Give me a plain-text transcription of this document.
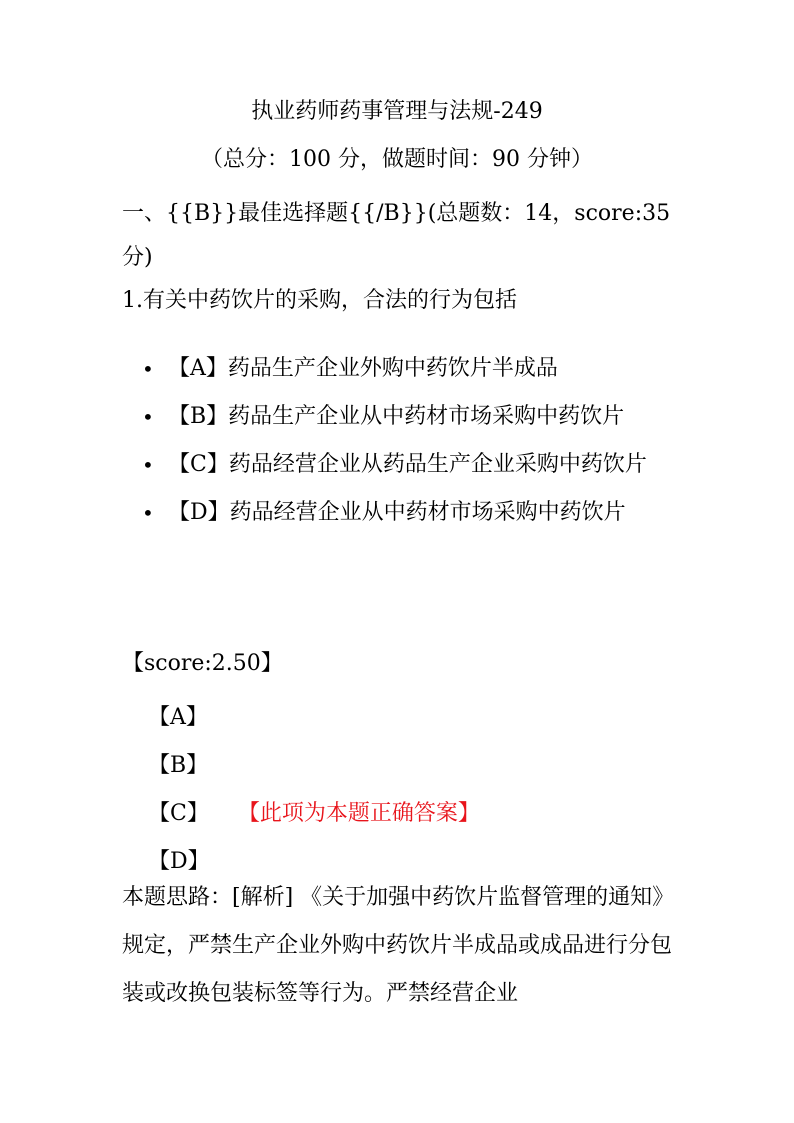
执业药师药事管理与法规-249
（总分：100 分，做题时间：90 分钟）
一、{{B}}最佳选择题{{/B}}(总题数：14，score:35 分)
1.有关中药饮片的采购，合法的行为包括
• 【A】药品生产企业外购中药饮片半成品
• 【B】药品生产企业从中药材市场采购中药饮片
• 【C】药品经营企业从药品生产企业采购中药饮片
• 【D】药品经营企业从中药材市场采购中药饮片
【score:2.50】
【A】
【B】
【C】 【此项为本题正确答案】
【D】
本题思路：[解析] 《关于加强中药饮片监督管理的通知》规定，严禁生产企业外购中药饮片半成品或成品进行分包装或改换包装标签等行为。严禁经营企业
